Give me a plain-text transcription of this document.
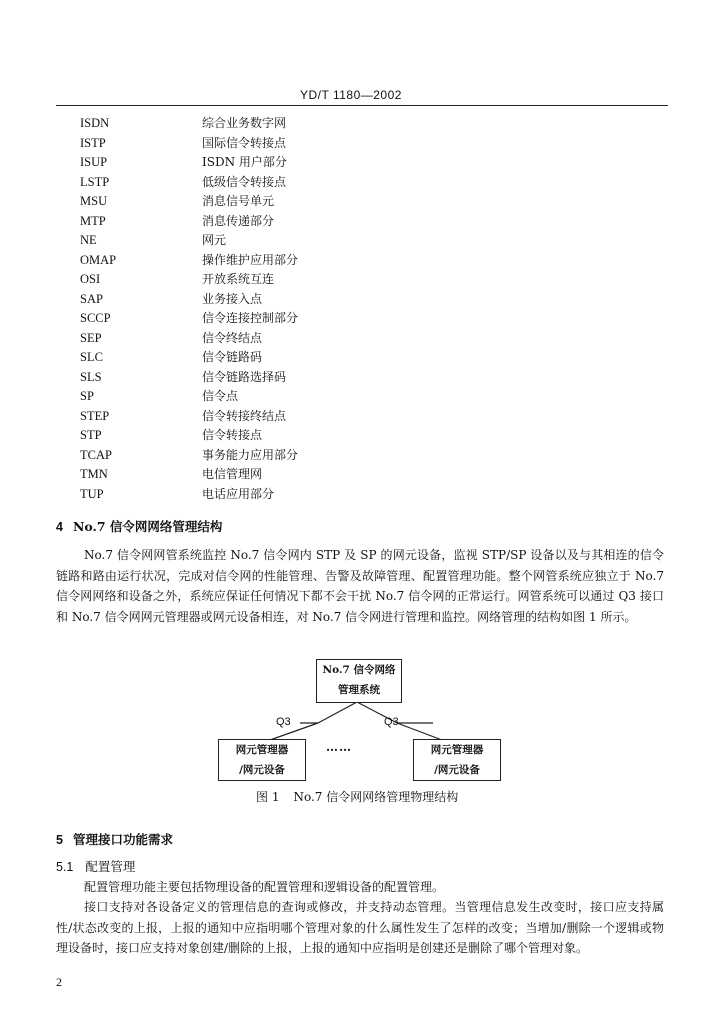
YD/T 1180—2002
ISDN	综合业务数字网
ISTP	国际信令转接点
ISUP	ISDN 用户部分
LSTP	低级信令转接点
MSU	消息信号单元
MTP	消息传递部分
NE	网元
OMAP	操作维护应用部分
OSI	开放系统互连
SAP	业务接入点
SCCP	信令连接控制部分
SEP	信令终结点
SLC	信令链路码
SLS	信令链路选择码
SP	信令点
STEP	信令转接终结点
STP	信令转接点
TCAP	事务能力应用部分
TMN	电信管理网
TUP	电话应用部分
4 No.7 信令网网络管理结构
No.7 信令网网管系统监控 No.7 信令网内 STP 及 SP 的网元设备，监视 STP/SP 设备以及与其相连的信令链路和路由运行状况，完成对信令网的性能管理、告警及故障管理、配置管理功能。整个网管系统应独立于 No.7 信令网网络和设备之外，系统应保证任何情况下都不会干扰 No.7 信令网的正常运行。网管系统可以通过 Q3 接口和 No.7 信令网网元管理器或网元设备相连，对 No.7 信令网进行管理和监控。网络管理的结构如图 1 所示。
No.7 信令网络
管理系统
网元管理器
/网元设备
网元管理器
/网元设备
Q3	Q3
……
图 1 No.7 信令网网络管理物理结构
5 管理接口功能需求
5.1 配置管理
配置管理功能主要包括物理设备的配置管理和逻辑设备的配置管理。
接口支持对各设备定义的管理信息的查询或修改，并支持动态管理。当管理信息发生改变时，接口应支持属性/状态改变的上报，上报的通知中应指明哪个管理对象的什么属性发生了怎样的改变；当增加/删除一个逻辑或物理设备时，接口应支持对象创建/删除的上报，上报的通知中应指明是创建还是删除了哪个管理对象。
2
